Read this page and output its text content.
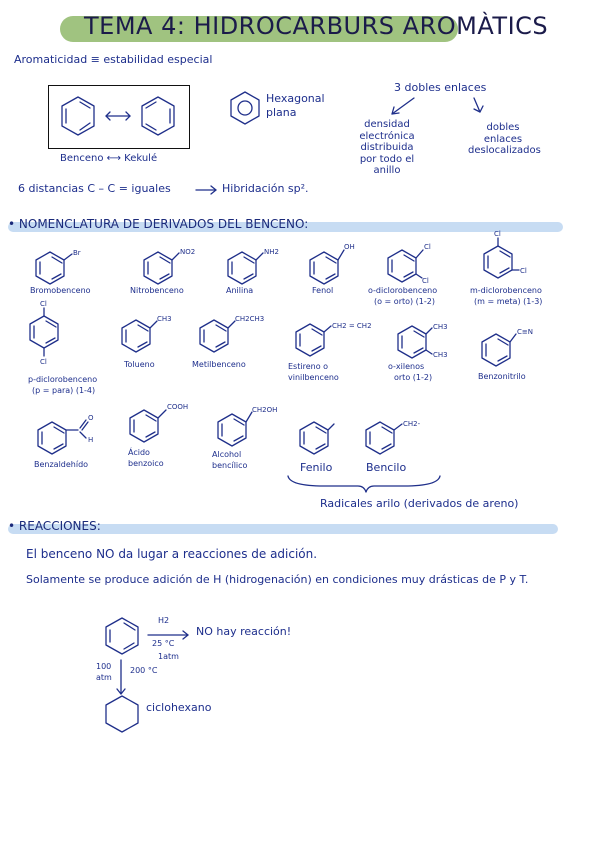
TEMA 4: HIDROCARBURS AROMÀTICS
Aromaticidad ≡ estabilidad especial
Benceno ⟷ Kekulé
Hexagonal
plana
3 dobles enlaces
densidad
electrónica
distribuida
por todo el
anillo
dobles
enlaces
deslocalizados
6 distancias C – C = iguales	Hibridación sp².
• NOMENCLATURA DE DERIVADOS DEL BENCENO:
Br
Bromobenceno
NO2
Nitrobenceno
NH2
Anilina
OH
Fenol
Cl
Cl
o-diclorobenceno
(o = orto) (1-2)
Cl
Cl
m-diclorobenceno
(m = meta) (1-3)
Cl
Cl
p-diclorobenceno
(p = para) (1-4)
CH3
Tolueno
CH2CH3
Metilbenceno
CH2 = CH2
Estireno o
vinilbenceno
CH3
CH3
o-xilenos
orto (1-2)
C≡N
Benzonitrilo
O
H
Benzaldehído
COOH
Ácido
benzoico
CH2OH
Alcohol
bencílico	Fenilo
CH2-
Bencilo
Radicales arilo (derivados de areno)
• REACCIONES:
El benceno NO da lugar a reacciones de adición.
Solamente se produce adición de H (hidrogenación) en condiciones muy drásticas de P y T.
H2
25 °C
1atm
NO hay reacción!
100
atm
200 °C
ciclohexano
